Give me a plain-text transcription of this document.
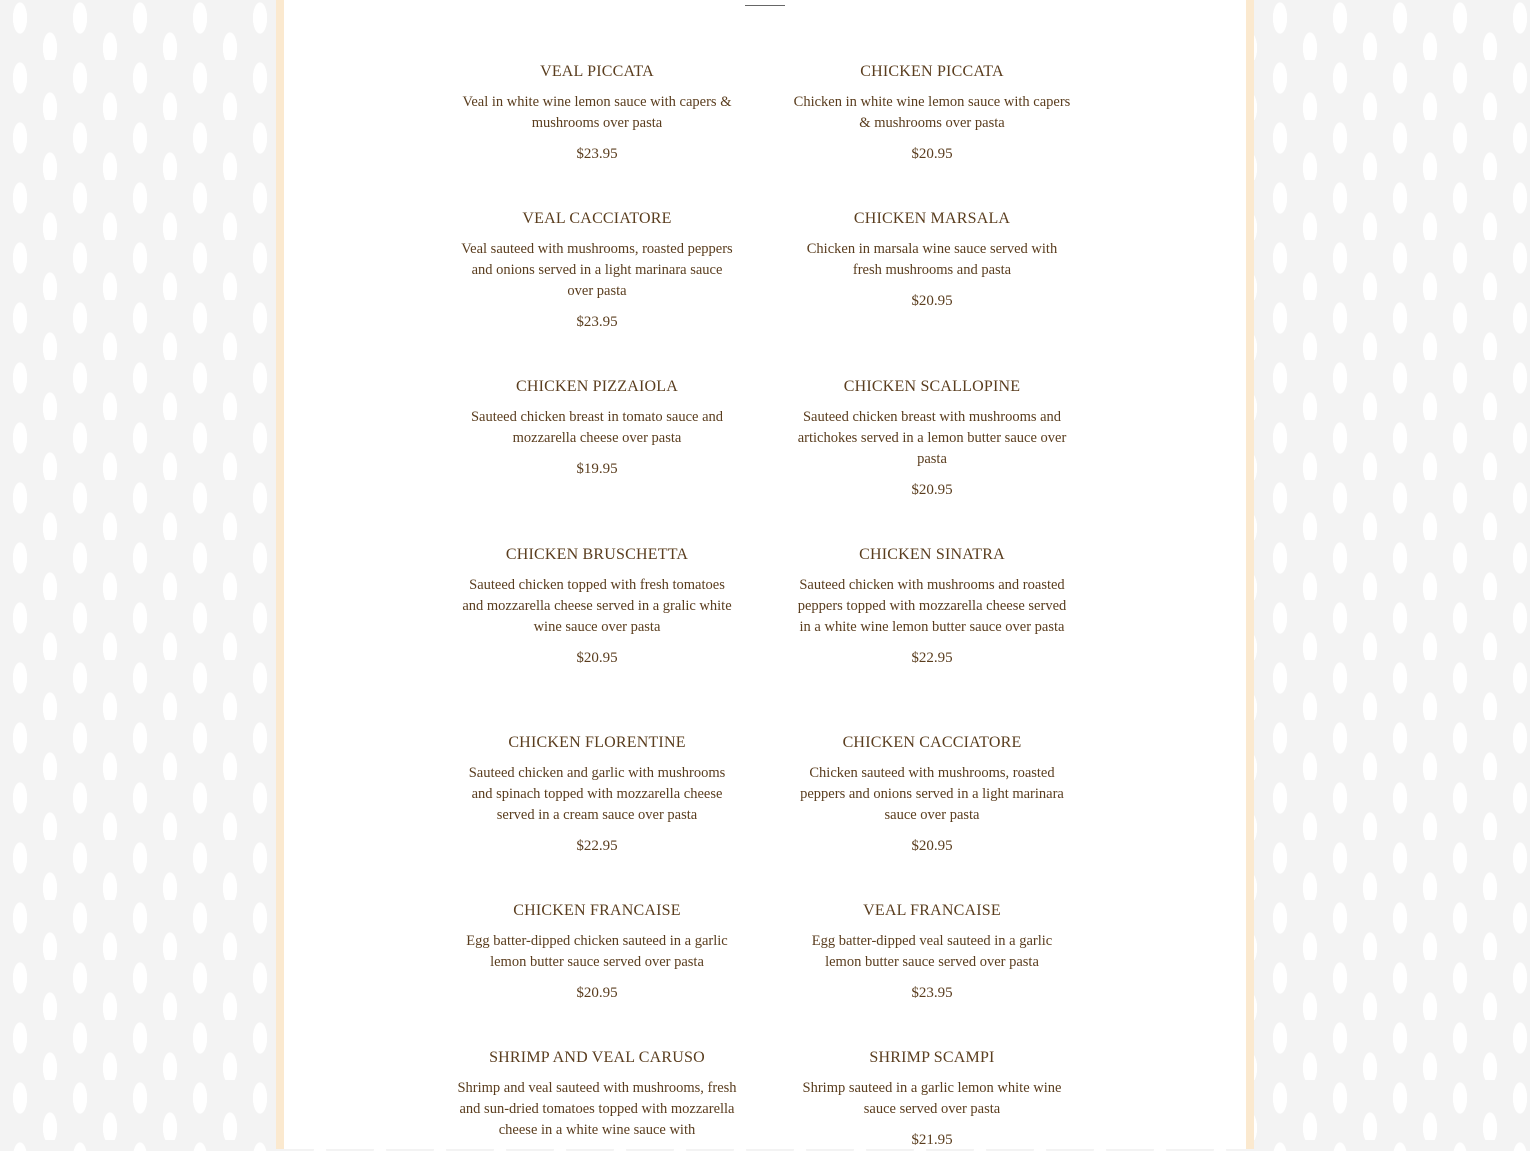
VEAL PICCATA
Veal in white wine lemon sauce with capers & mushrooms over pasta
$23.95
CHICKEN PICCATA
Chicken in white wine lemon sauce with capers & mushrooms over pasta
$20.95
VEAL CACCIATORE
Veal sauteed with mushrooms, roasted peppers and onions served in a light marinara sauce over pasta
$23.95
CHICKEN MARSALA
Chicken in marsala wine sauce served with fresh mushrooms and pasta
$20.95
CHICKEN PIZZAIOLA
Sauteed chicken breast in tomato sauce and mozzarella cheese over pasta
$19.95
CHICKEN SCALLOPINE
Sauteed chicken breast with mushrooms and artichokes served in a lemon butter sauce over pasta
$20.95
CHICKEN BRUSCHETTA
Sauteed chicken topped with fresh tomatoes and mozzarella cheese served in a gralic white wine sauce over pasta
$20.95
CHICKEN SINATRA
Sauteed chicken with mushrooms and roasted peppers topped with mozzarella cheese served in a white wine lemon butter sauce over pasta
$22.95
CHICKEN FLORENTINE
Sauteed chicken and garlic with mushrooms and spinach topped with mozzarella cheese served in a cream sauce over pasta
$22.95
CHICKEN CACCIATORE
Chicken sauteed with mushrooms, roasted peppers and onions served in a light marinara sauce over pasta
$20.95
CHICKEN FRANCAISE
Egg batter-dipped chicken sauteed in a garlic lemon butter sauce served over pasta
$20.95
VEAL FRANCAISE
Egg batter-dipped veal sauteed in a garlic lemon butter sauce served over pasta
$23.95
SHRIMP AND VEAL CARUSO
Shrimp and veal sauteed with mushrooms, fresh and sun-dried tomatoes topped with mozzarella cheese in a white wine sauce with
SHRIMP SCAMPI
Shrimp sauteed in a garlic lemon white wine sauce served over pasta
$21.95
